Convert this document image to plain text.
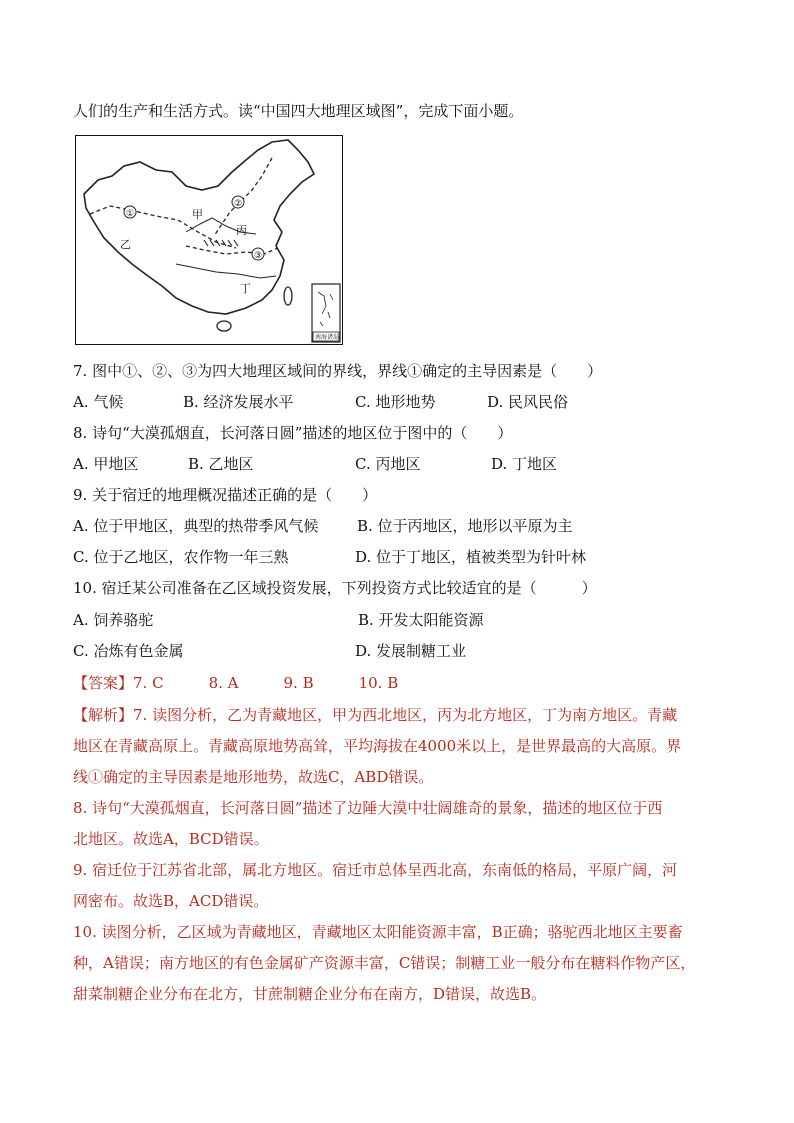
人们的生产和生活方式。读“中国四大地理区域图”，完成下面小题。
①
②
③
甲
乙
丙
丁
南海诸岛
7. 图中①、②、③为四大地理区域间的界线，界线①确定的主导因素是（　　）
A. 气候	B. 经济发展水平	C. 地形地势	D. 民风民俗
8. 诗句“大漠孤烟直，长河落日圆”描述的地区位于图中的（　　）
A. 甲地区	B. 乙地区	C. 丙地区	D. 丁地区
9. 关于宿迁的地理概况描述正确的是（　　）
A. 位于甲地区，典型的热带季风气候	B. 位于丙地区，地形以平原为主
C. 位于乙地区，农作物一年三熟	D. 位于丁地区，植被类型为针叶林
10. 宿迁某公司准备在乙区域投资发展，下列投资方式比较适宜的是（　　　）
A. 饲养骆驼	B. 开发太阳能资源
C. 冶炼有色金属	D. 发展制糖工业
【答案】7. C　　　8. A　　　9. B　　　10. B
【解析】7. 读图分析，乙为青藏地区，甲为西北地区，丙为北方地区，丁为南方地区。青藏
地区在青藏高原上。青藏高原地势高耸，平均海拔在4000米以上，是世界最高的大高原。界
线①确定的主导因素是地形地势，故选C，ABD错误。
8. 诗句“大漠孤烟直，长河落日圆”描述了边陲大漠中壮阔雄奇的景象，描述的地区位于西
北地区。故选A，BCD错误。
9. 宿迁位于江苏省北部，属北方地区。宿迁市总体呈西北高，东南低的格局，平原广阔，河
网密布。故选B，ACD错误。
10. 读图分析，乙区域为青藏地区，青藏地区太阳能资源丰富，B正确；骆驼西北地区主要畜
种，A错误；南方地区的有色金属矿产资源丰富，C错误；制糖工业一般分布在糖料作物产区，
甜菜制糖企业分布在北方，甘蔗制糖企业分布在南方，D错误，故选B。
